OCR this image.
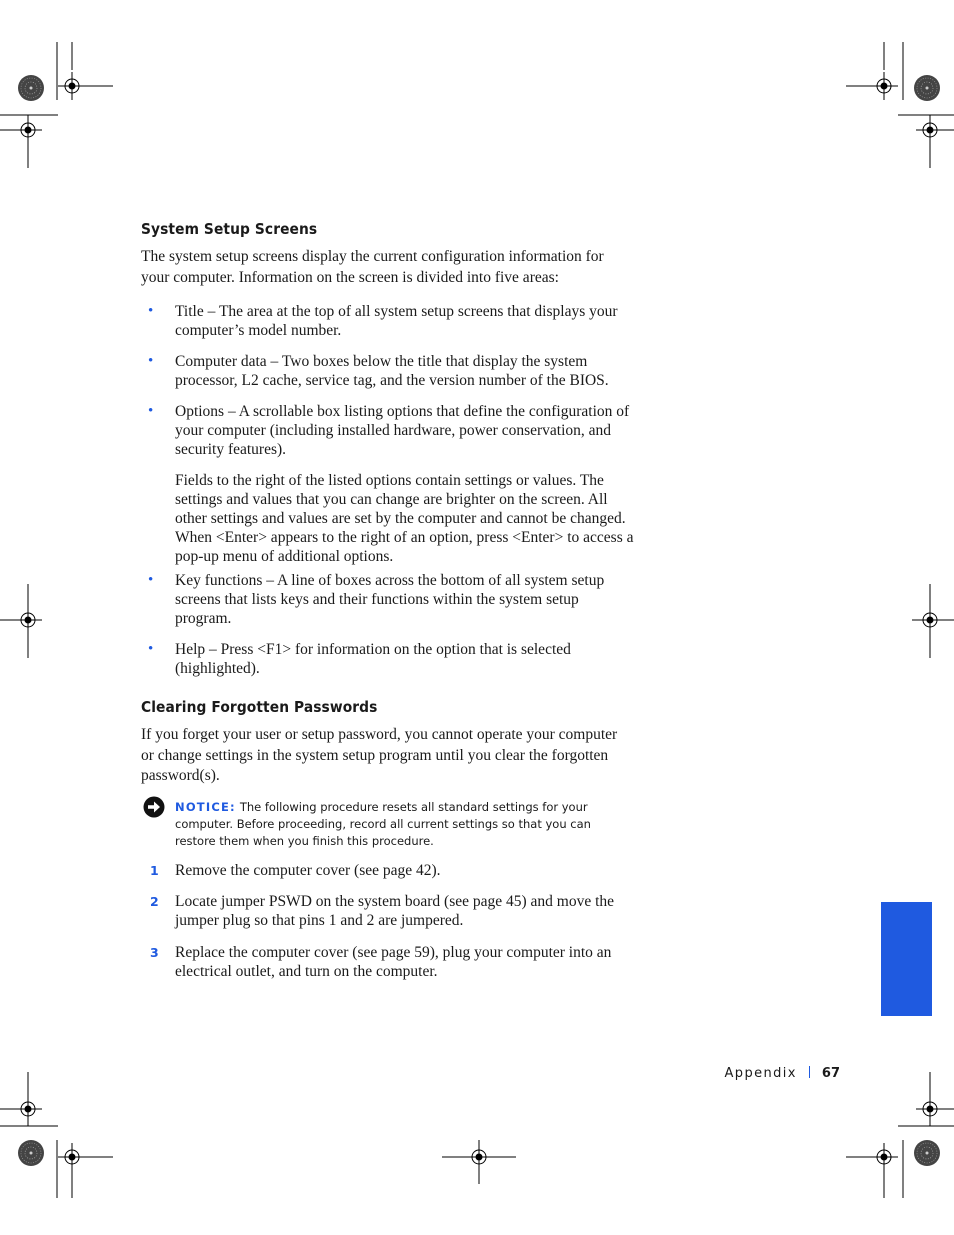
System Setup Screens

The system setup screens display the current configuration information for your computer. Information on the screen is divided into five areas:

• Title – The area at the top of all system setup screens that displays your computer’s model number.

• Computer data – Two boxes below the title that display the system processor, L2 cache, service tag, and the version number of the BIOS.

• Options – A scrollable box listing options that define the configuration of your computer (including installed hardware, power conservation, and security features).

Fields to the right of the listed options contain settings or values. The settings and values that you can change are brighter on the screen. All other settings and values are set by the computer and cannot be changed. When <Enter> appears to the right of an option, press <Enter> to access a pop-up menu of additional options.

• Key functions – A line of boxes across the bottom of all system setup screens that lists keys and their functions within the system setup program.

• Help – Press <F1> for information on the option that is selected (highlighted).

Clearing Forgotten Passwords

If you forget your user or setup password, you cannot operate your computer or change settings in the system setup program until you clear the forgotten password(s).

NOTICE: The following procedure resets all standard settings for your computer. Before proceeding, record all current settings so that you can restore them when you finish this procedure.

1 Remove the computer cover (see page 42).

2 Locate jumper PSWD on the system board (see page 45) and move the jumper plug so that pins 1 and 2 are jumpered.

3 Replace the computer cover (see page 59), plug your computer into an electrical outlet, and turn on the computer.

Appendix 67
